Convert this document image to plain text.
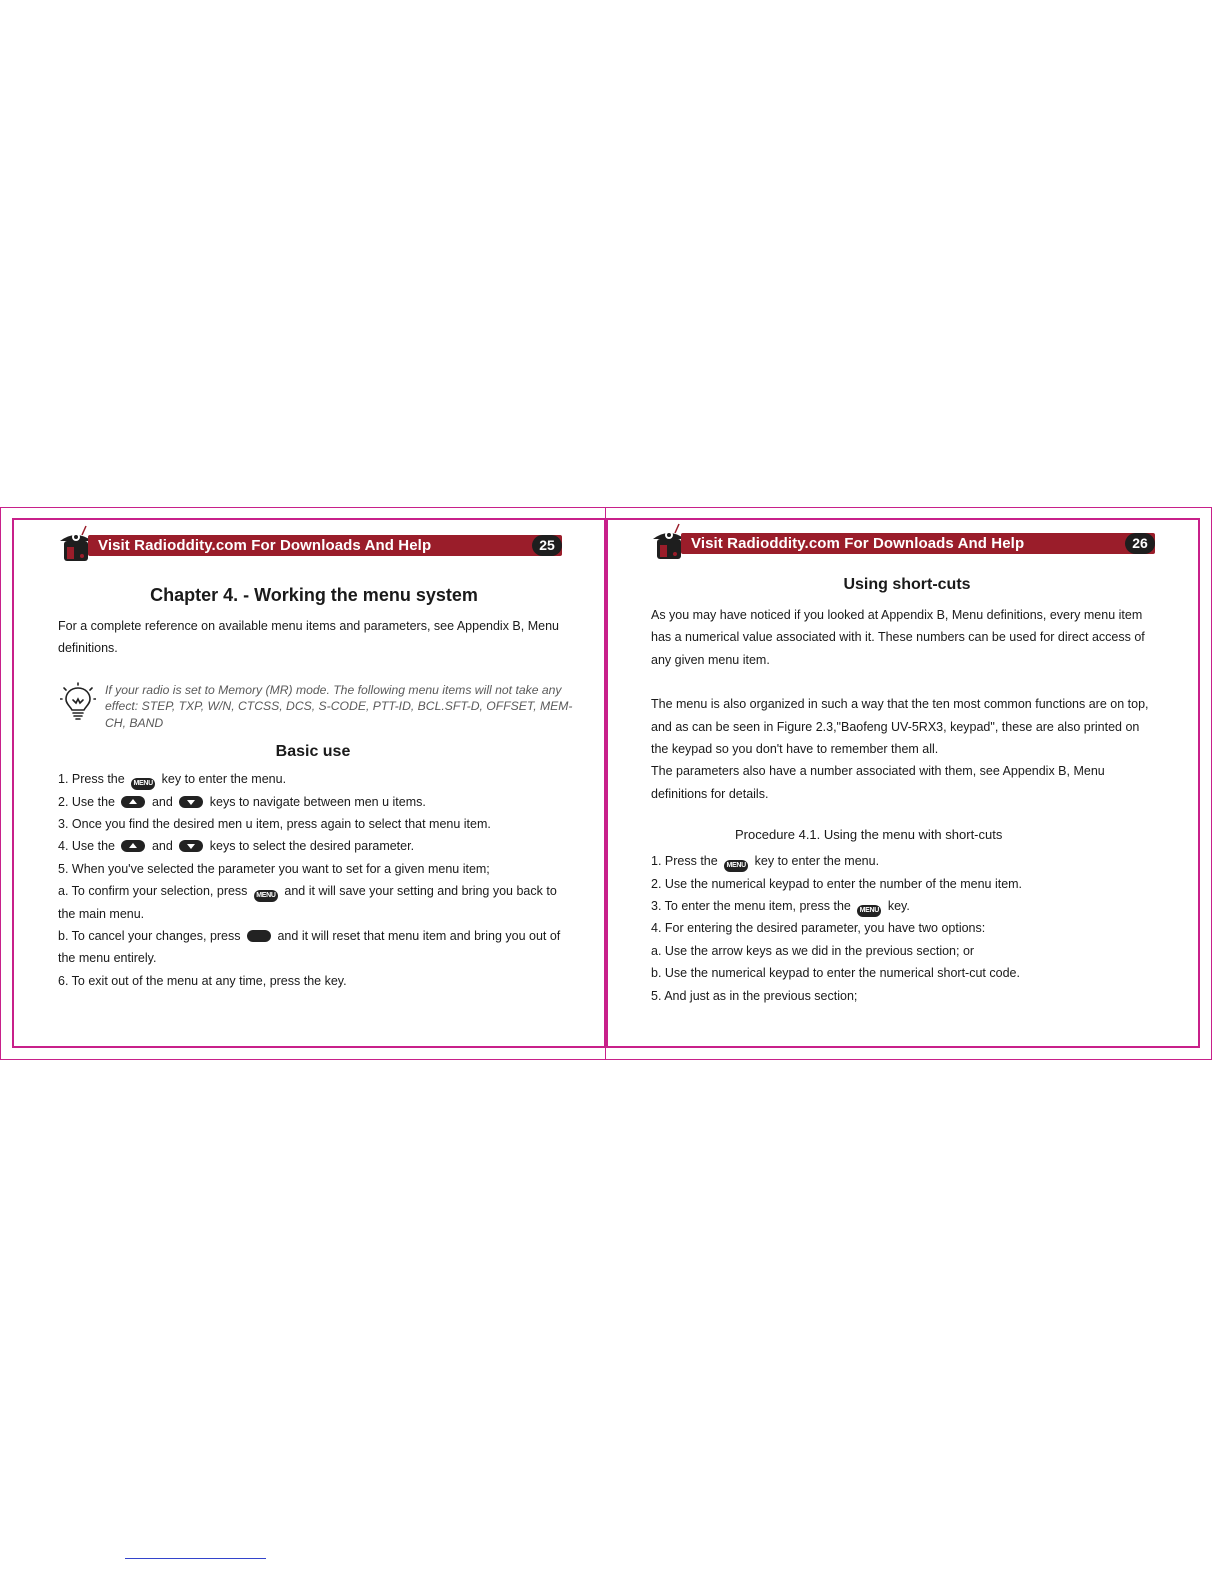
Visit Radioddity.com For Downloads And Help	25
Chapter 4. - Working the menu system
For a complete reference on available menu items and parameters, see Appendix B, Menu
definitions.
If your radio is set to Memory (MR) mode. The following menu items will not take any effect: STEP, TXP, W/N, CTCSS, DCS, S-CODE, PTT-ID, BCL.SFT-D, OFFSET, MEM-CH, BAND
Basic use
1. Press the MENU key to enter the menu.
2. Use the	and	keys to navigate between men u items.
3. Once you find the desired men u item, press again to select that menu item.
4. Use the	and	keys to select the desired parameter.
5. When you've selected the parameter you want to set for a given menu item;
a. To confirm your selection, press MENU and it will save your setting and bring you back to
the main menu.
b. To cancel your changes, press	and it will reset that menu item and bring you out of
the menu entirely.
6. To exit out of the menu at any time, press the key.
Visit Radioddity.com For Downloads And Help	26
Using short-cuts
As you may have noticed if you looked at Appendix B, Menu definitions, every menu item
has a numerical value associated with it. These numbers can be used for direct access of
any given menu item.
The menu is also organized in such a way that the ten most common functions are on top,
and as can be seen in Figure 2.3,"Baofeng UV-5RX3, keypad", these are also printed on
the keypad so you don't have to remember them all.
The parameters also have a number associated with them, see Appendix B, Menu
definitions for details.
Procedure 4.1. Using the menu with short-cuts
1. Press the MENU key to enter the menu.
2. Use the numerical keypad to enter the number of the menu item.
3. To enter the menu item, press the MENU key.
4. For entering the desired parameter, you have two options:
a. Use the arrow keys as we did in the previous section; or
b. Use the numerical keypad to enter the numerical short-cut code.
5. And just as in the previous section;
